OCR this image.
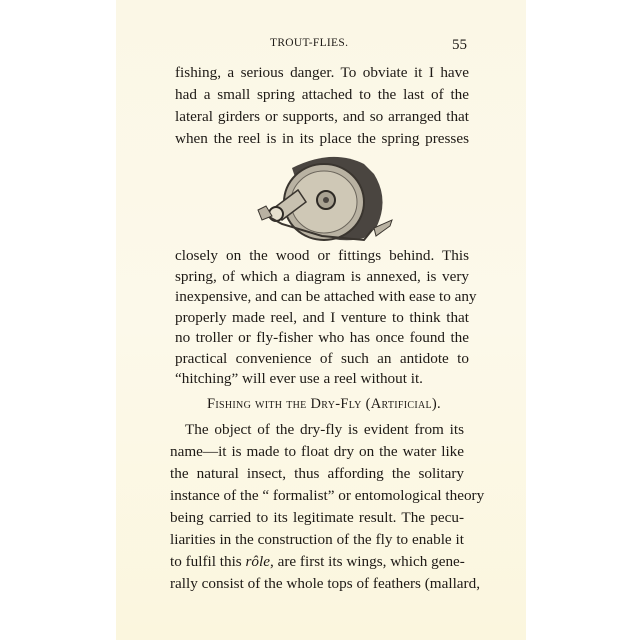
TROUT-FLIES.	55
fishing, a serious danger. To obviate it I have
had a small spring attached to the last of the
lateral girders or supports, and so arranged that
when the reel is in its place the spring presses
closely on the wood or fittings behind. This
spring, of which a diagram is annexed, is very
inexpensive, and can be attached with ease to any
properly made reel, and I venture to think that
no troller or fly-fisher who has once found the
practical convenience of such an antidote to
“hitching” will ever use a reel without it.
Fishing with the Dry-Fly (Artificial).
The object of the dry-fly is evident from its
name—it is made to float dry on the water like
the natural insect, thus affording the solitary
instance of the “ formalist” or entomological theory
being carried to its legitimate result. The pecu-
liarities in the construction of the fly to enable it
to fulfil this rôle, are first its wings, which gene-
rally consist of the whole tops of feathers (mallard,
